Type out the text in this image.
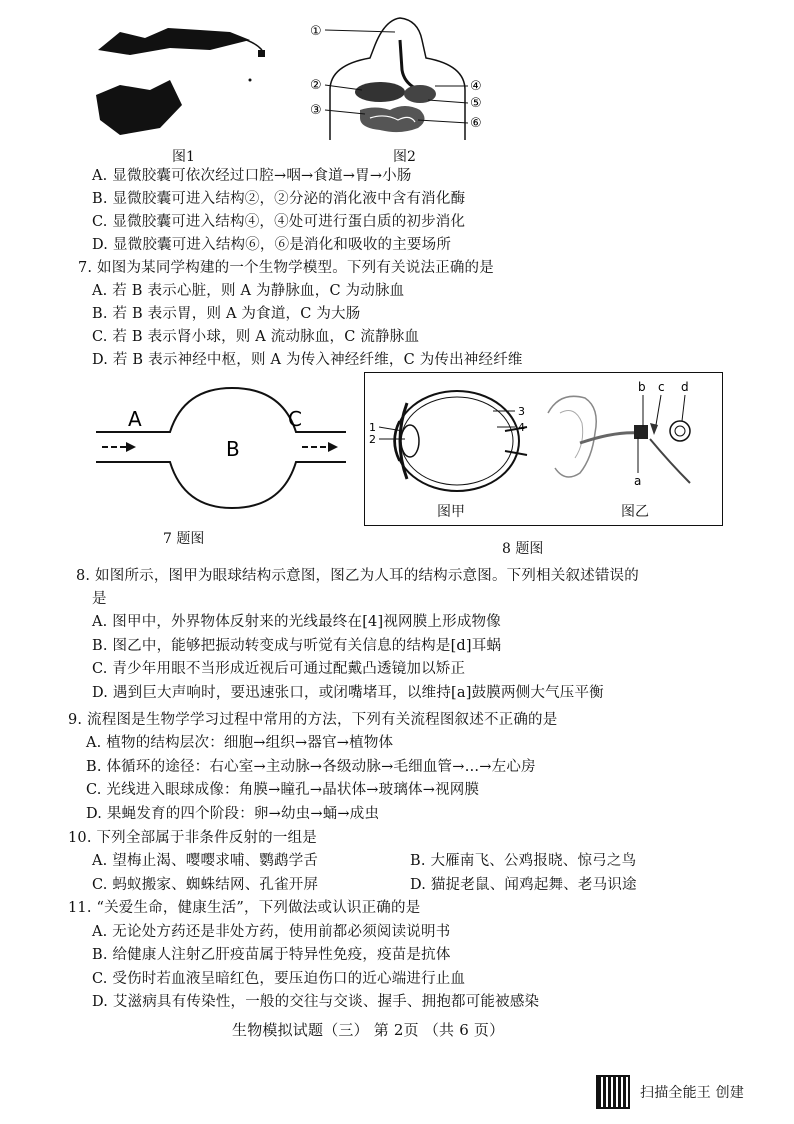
图1
①
②
③
④
⑤
⑥
图2
A. 显微胶囊可依次经过口腔→咽→食道→胃→小肠
B. 显微胶囊可进入结构②，②分泌的消化液中含有消化酶
C. 显微胶囊可进入结构④，④处可进行蛋白质的初步消化
D. 显微胶囊可进入结构⑥，⑥是消化和吸收的主要场所
7. 如图为某同学构建的一个生物学模型。下列有关说法正确的是
A. 若 B 表示心脏，则 A 为静脉血，C 为动脉血
B. 若 B 表示胃，则 A 为食道，C 为大肠
C. 若 B 表示肾小球，则 A 流动脉血，C 流静脉血
D. 若 B 表示神经中枢，则 A 为传入神经纤维，C 为传出神经纤维
A
B
C
7 题图
1
2
3
4
b c d
a
图甲	图乙
8 题图
8. 如图所示，图甲为眼球结构示意图，图乙为人耳的结构示意图。下列相关叙述错误的
是
A. 图甲中，外界物体反射来的光线最终在[4]视网膜上形成物像
B. 图乙中，能够把振动转变成与听觉有关信息的结构是[d]耳蜗
C. 青少年用眼不当形成近视后可通过配戴凸透镜加以矫正
D. 遇到巨大声响时，要迅速张口，或闭嘴堵耳，以维持[a]鼓膜两侧大气压平衡
9. 流程图是生物学学习过程中常用的方法，下列有关流程图叙述不正确的是
A. 植物的结构层次：细胞→组织→器官→植物体
B. 体循环的途径：右心室→主动脉→各级动脉→毛细血管→…→左心房
C. 光线进入眼球成像：角膜→瞳孔→晶状体→玻璃体→视网膜
D. 果蝇发育的四个阶段：卵→幼虫→蛹→成虫
10. 下列全部属于非条件反射的一组是
A. 望梅止渴、嘤嘤求哺、鹦鹉学舌	B. 大雁南飞、公鸡报晓、惊弓之鸟
C. 蚂蚁搬家、蜘蛛结网、孔雀开屏	D. 猫捉老鼠、闻鸡起舞、老马识途
11. “关爱生命，健康生活”，下列做法或认识正确的是
A. 无论处方药还是非处方药，使用前都必须阅读说明书
B. 给健康人注射乙肝疫苗属于特异性免疫，疫苗是抗体
C. 受伤时若血液呈暗红色，要压迫伤口的近心端进行止血
D. 艾滋病具有传染性，一般的交往与交谈、握手、拥抱都可能被感染
生物模拟试题（三） 第 2页 （共 6 页）
扫描全能王 创建
